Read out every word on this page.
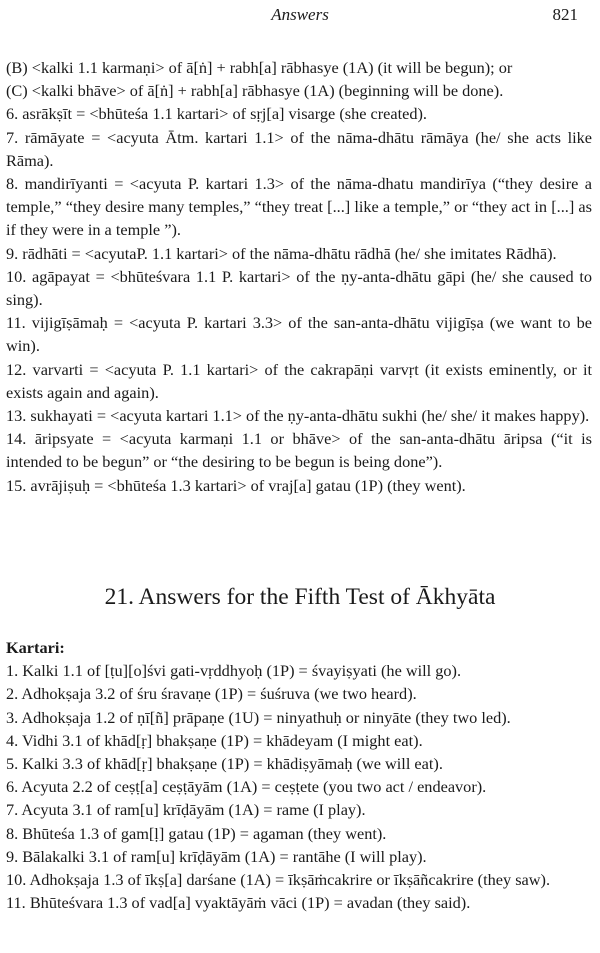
Answers	821

(B) <kalki 1.1 karmaṇi> of ā[ṅ] + rabh[a] rābhasye (1A) (it will be begun); or

(C) <kalki bhāve> of ā[ṅ] + rabh[a] rābhasye (1A) (beginning will be done).

6. asrākṣīt = <bhūteśa 1.1 kartari> of sṛj[a] visarge (she created).

7. rāmāyate = <acyuta Ātm. kartari 1.1> of the nāma-dhātu rāmāya (he/ she acts like Rāma).

8. mandirīyanti = <acyuta P. kartari 1.3> of the nāma-dhatu mandirīya (“they desire a temple,” “they desire many temples,” “they treat [...] like a temple,” or “they act in [...] as if they were in a temple ”).

9. rādhāti = <acyutaP. 1.1 kartari> of the nāma-dhātu rādhā (he/ she imitates Rādhā).

10. agāpayat = <bhūteśvara 1.1 P. kartari> of the ṇy-anta-dhātu gāpi (he/ she caused to sing).

11. vijigīṣāmaḥ = <acyuta P. kartari 3.3> of the san-anta-dhātu vijigīṣa (we want to be win).

12. varvarti = <acyuta P. 1.1 kartari> of the cakrapāṇi varvṛt (it exists eminently, or it exists again and again).

13. sukhayati = <acyuta kartari 1.1> of the ṇy-anta-dhātu sukhi (he/ she/ it makes happy).

14. āripsyate = <acyuta karmaṇi 1.1 or bhāve> of the san-anta-dhātu āripsa (“it is intended to be begun” or “the desiring to be begun is being done”).

15. avrājiṣuḥ = <bhūteśa 1.3 kartari> of vraj[a] gatau (1P) (they went).

21. Answers for the Fifth Test of Ākhyāta

Kartari:

1. Kalki 1.1 of [ṭu][o]śvi gati-vṛddhyoḥ (1P) = śvayiṣyati (he will go).

2. Adhokṣaja 3.2 of śru śravaṇe (1P) = śuśruva (we two heard).

3. Adhokṣaja 1.2 of ṇī[ñ] prāpaṇe (1U) = ninyathuḥ or ninyāte (they two led).

4. Vidhi 3.1 of khād[ṛ] bhakṣaṇe (1P) = khādeyam (I might eat).

5. Kalki 3.3 of khād[ṛ] bhakṣaṇe (1P) = khādiṣyāmaḥ (we will eat).

6. Acyuta 2.2 of ceṣṭ[a] ceṣṭāyām (1A) = ceṣṭete (you two act / endeavor).

7. Acyuta 3.1 of ram[u] krīḍāyām (1A) = rame (I play).

8. Bhūteśa 1.3 of gam[ḷ] gatau (1P) = agaman (they went).

9. Bālakalki 3.1 of ram[u] krīḍāyām (1A) = rantāhe (I will play).

10. Adhokṣaja 1.3 of īkṣ[a] darśane (1A) = īkṣāṁcakrire or īkṣāñcakrire (they saw).

11. Bhūteśvara 1.3 of vad[a] vyaktāyāṁ vāci (1P) = avadan (they said).
